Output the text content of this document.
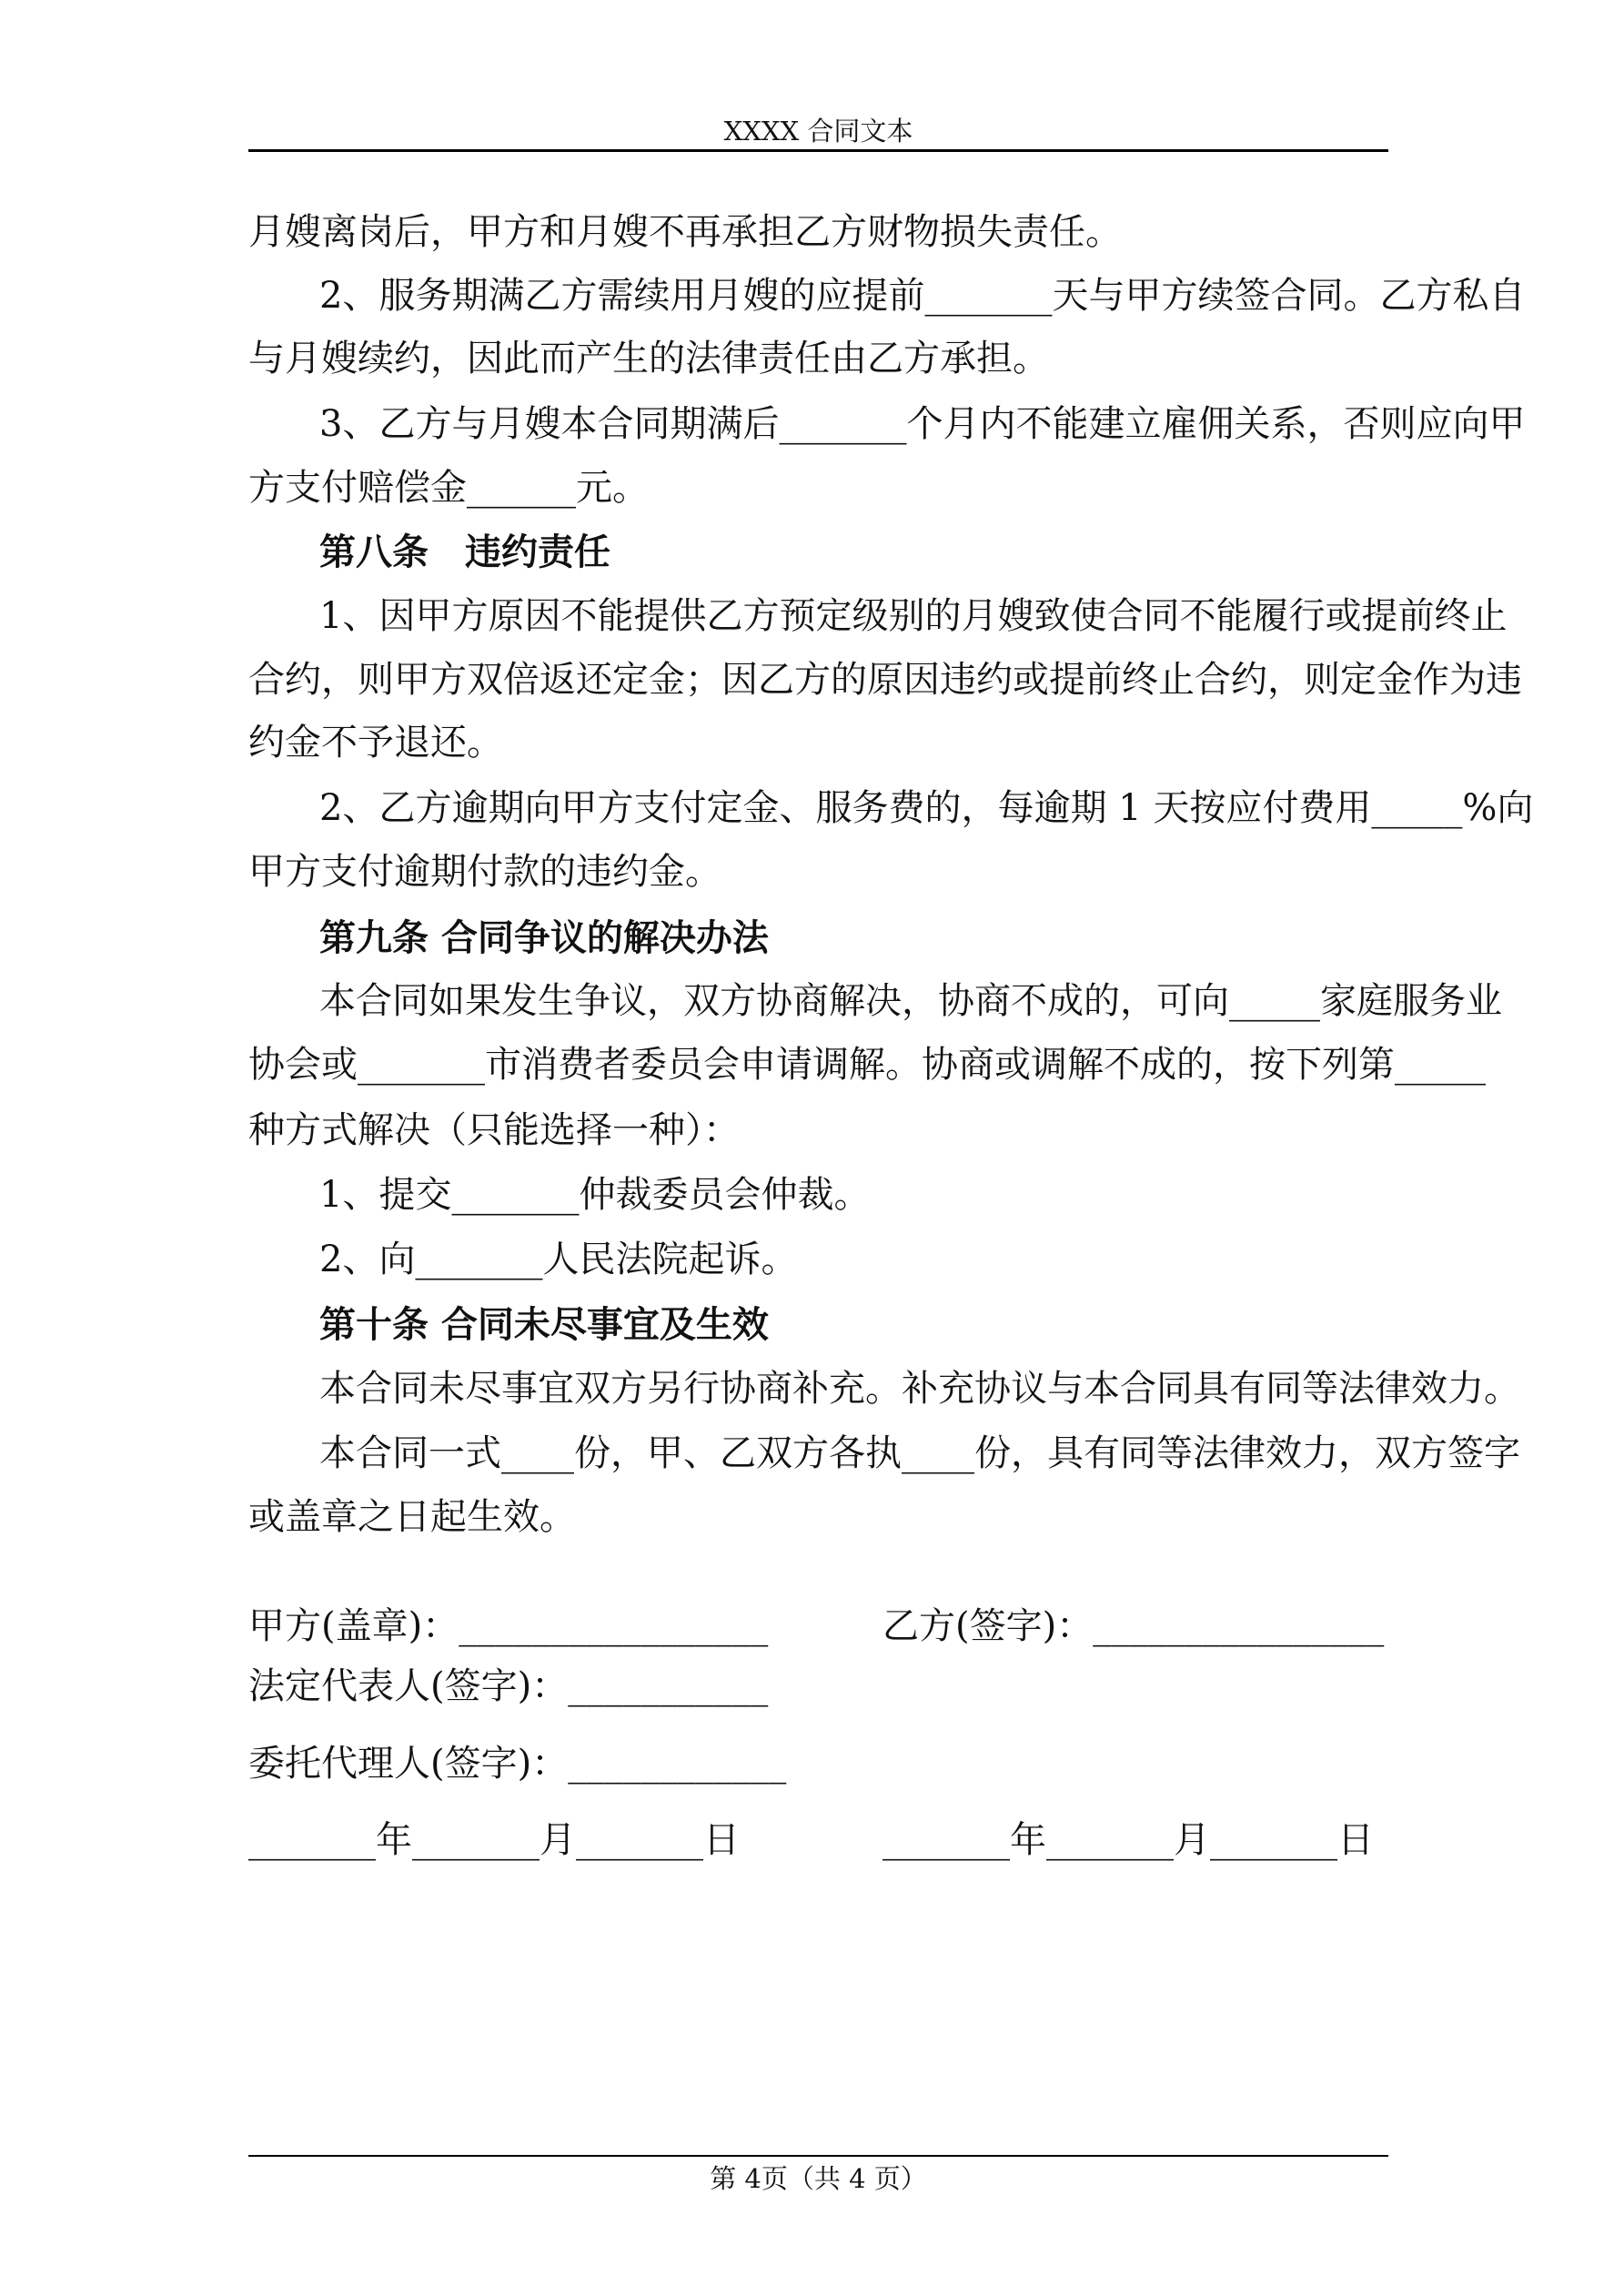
XXXX 合同文本
月嫂离岗后，甲方和月嫂不再承担乙方财物损失责任。
2、服务期满乙方需续用月嫂的应提前_______天与甲方续签合同。乙方私自
与月嫂续约，因此而产生的法律责任由乙方承担。
3、乙方与月嫂本合同期满后_______个月内不能建立雇佣关系，否则应向甲
方支付赔偿金______元。
第八条　违约责任
1、因甲方原因不能提供乙方预定级别的月嫂致使合同不能履行或提前终止
合约，则甲方双倍返还定金；因乙方的原因违约或提前终止合约，则定金作为违
约金不予退还。
2、乙方逾期向甲方支付定金、服务费的，每逾期 1 天按应付费用_____%向
甲方支付逾期付款的违约金。
第九条 合同争议的解决办法
本合同如果发生争议，双方协商解决，协商不成的，可向_____家庭服务业
协会或_______市消费者委员会申请调解。协商或调解不成的，按下列第_____
种方式解决（只能选择一种）：
1、提交_______仲裁委员会仲裁。
2、向_______人民法院起诉。
第十条 合同未尽事宜及生效
本合同未尽事宜双方另行协商补充。补充协议与本合同具有同等法律效力。
本合同一式____份，甲、乙双方各执____份，具有同等法律效力，双方签字
或盖章之日起生效。
甲方(盖章)：_________________	乙方(签字)：________________
法定代表人(签字)：___________
委托代理人(签字)：____________
_______年_______月_______日	_______年_______月_______日
第 4页（共 4 页）
